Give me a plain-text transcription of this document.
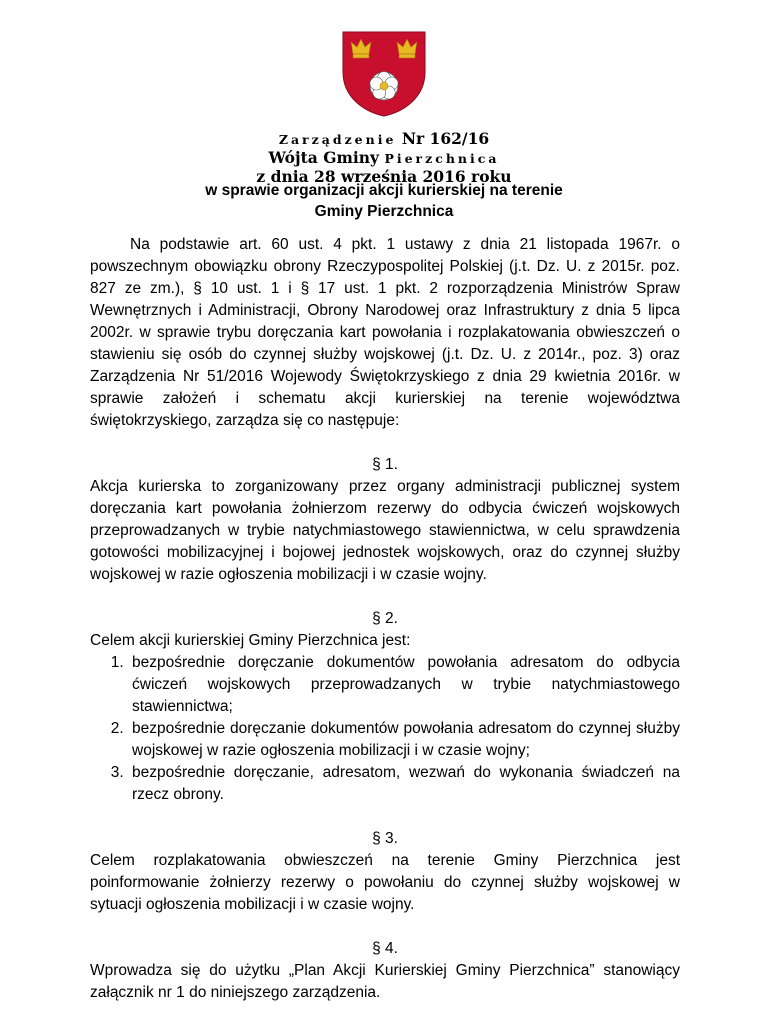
Zarządzenie Nr 162/16
Wójta Gminy Pierzchnica
z dnia 28 września 2016 roku
w sprawie organizacji akcji kurierskiej na terenie
Gminy Pierzchnica

Na podstawie art. 60 ust. 4 pkt. 1 ustawy z dnia 21 listopada 1967r. o powszechnym obowiązku obrony Rzeczypospolitej Polskiej (j.t. Dz. U. z 2015r. poz. 827 ze zm.), § 10 ust. 1 i § 17 ust. 1 pkt. 2 rozporządzenia Ministrów Spraw Wewnętrznych i Administracji, Obrony Narodowej oraz Infrastruktury z dnia 5 lipca 2002r. w sprawie trybu doręczania kart powołania i rozplakatowania obwieszczeń o stawieniu się osób do czynnej służby wojskowej (j.t. Dz. U. z 2014r., poz. 3) oraz Zarządzenia Nr 51/2016 Wojewody Świętokrzyskiego z dnia 29 kwietnia 2016r. w sprawie założeń i schematu akcji kurierskiej na terenie województwa świętokrzyskiego, zarządza się co następuje:

§ 1.

Akcja kurierska to zorganizowany przez organy administracji publicznej system doręczania kart powołania żołnierzom rezerwy do odbycia ćwiczeń wojskowych przeprowadzanych w trybie natychmiastowego stawiennictwa, w celu sprawdzenia gotowości mobilizacyjnej i bojowej jednostek wojskowych, oraz do czynnej służby wojskowej w razie ogłoszenia mobilizacji i w czasie wojny.

§ 2.

Celem akcji kurierskiej Gminy Pierzchnica jest:

1. bezpośrednie doręczanie dokumentów powołania adresatom do odbycia ćwiczeń wojskowych przeprowadzanych w trybie natychmiastowego stawiennictwa;
2. bezpośrednie doręczanie dokumentów powołania adresatom do czynnej służby wojskowej w razie ogłoszenia mobilizacji i w czasie wojny;
3. bezpośrednie doręczanie, adresatom, wezwań do wykonania świadczeń na rzecz obrony.

§ 3.

Celem rozplakatowania obwieszczeń na terenie Gminy Pierzchnica jest poinformowanie żołnierzy rezerwy o powołaniu do czynnej służby wojskowej w sytuacji ogłoszenia mobilizacji i w czasie wojny.

§ 4.

Wprowadza się do użytku „Plan Akcji Kurierskiej Gminy Pierzchnica” stanowiący załącznik nr 1 do niniejszego zarządzenia.
